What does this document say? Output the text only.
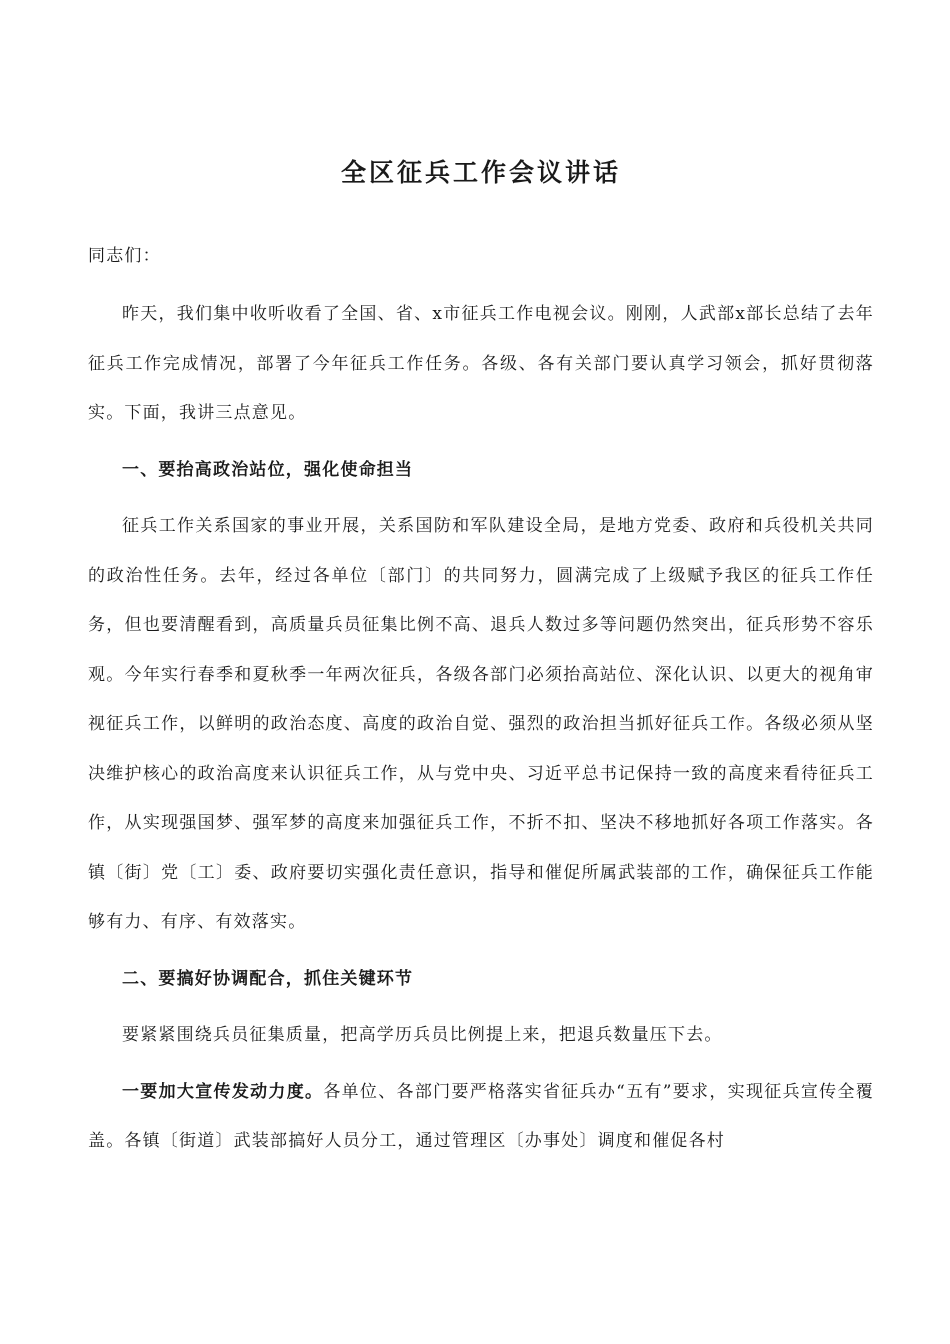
全区征兵工作会议讲话

同志们：

昨天，我们集中收听收看了全国、省、x市征兵工作电视会议。刚刚，人武部x部长总结了去年征兵工作完成情况，部署了今年征兵工作任务。各级、各有关部门要认真学习领会，抓好贯彻落实。下面，我讲三点意见。

一、要抬高政治站位，强化使命担当

征兵工作关系国家的事业开展，关系国防和军队建设全局，是地方党委、政府和兵役机关共同的政治性任务。去年，经过各单位〔部门〕的共同努力，圆满完成了上级赋予我区的征兵工作任务，但也要清醒看到，高质量兵员征集比例不高、退兵人数过多等问题仍然突出，征兵形势不容乐观。今年实行春季和夏秋季一年两次征兵，各级各部门必须抬高站位、深化认识、以更大的视角审视征兵工作，以鲜明的政治态度、高度的政治自觉、强烈的政治担当抓好征兵工作。各级必须从坚决维护核心的政治高度来认识征兵工作，从与党中央、习近平总书记保持一致的高度来看待征兵工作，从实现强国梦、强军梦的高度来加强征兵工作，不折不扣、坚决不移地抓好各项工作落实。各镇〔街〕党〔工〕委、政府要切实强化责任意识，指导和催促所属武装部的工作，确保征兵工作能够有力、有序、有效落实。

二、要搞好协调配合，抓住关键环节

要紧紧围绕兵员征集质量，把高学历兵员比例提上来，把退兵数量压下去。

一要加大宣传发动力度。各单位、各部门要严格落实省征兵办“五有”要求，实现征兵宣传全覆盖。各镇〔街道〕武装部搞好人员分工，通过管理区〔办事处〕调度和催促各村
